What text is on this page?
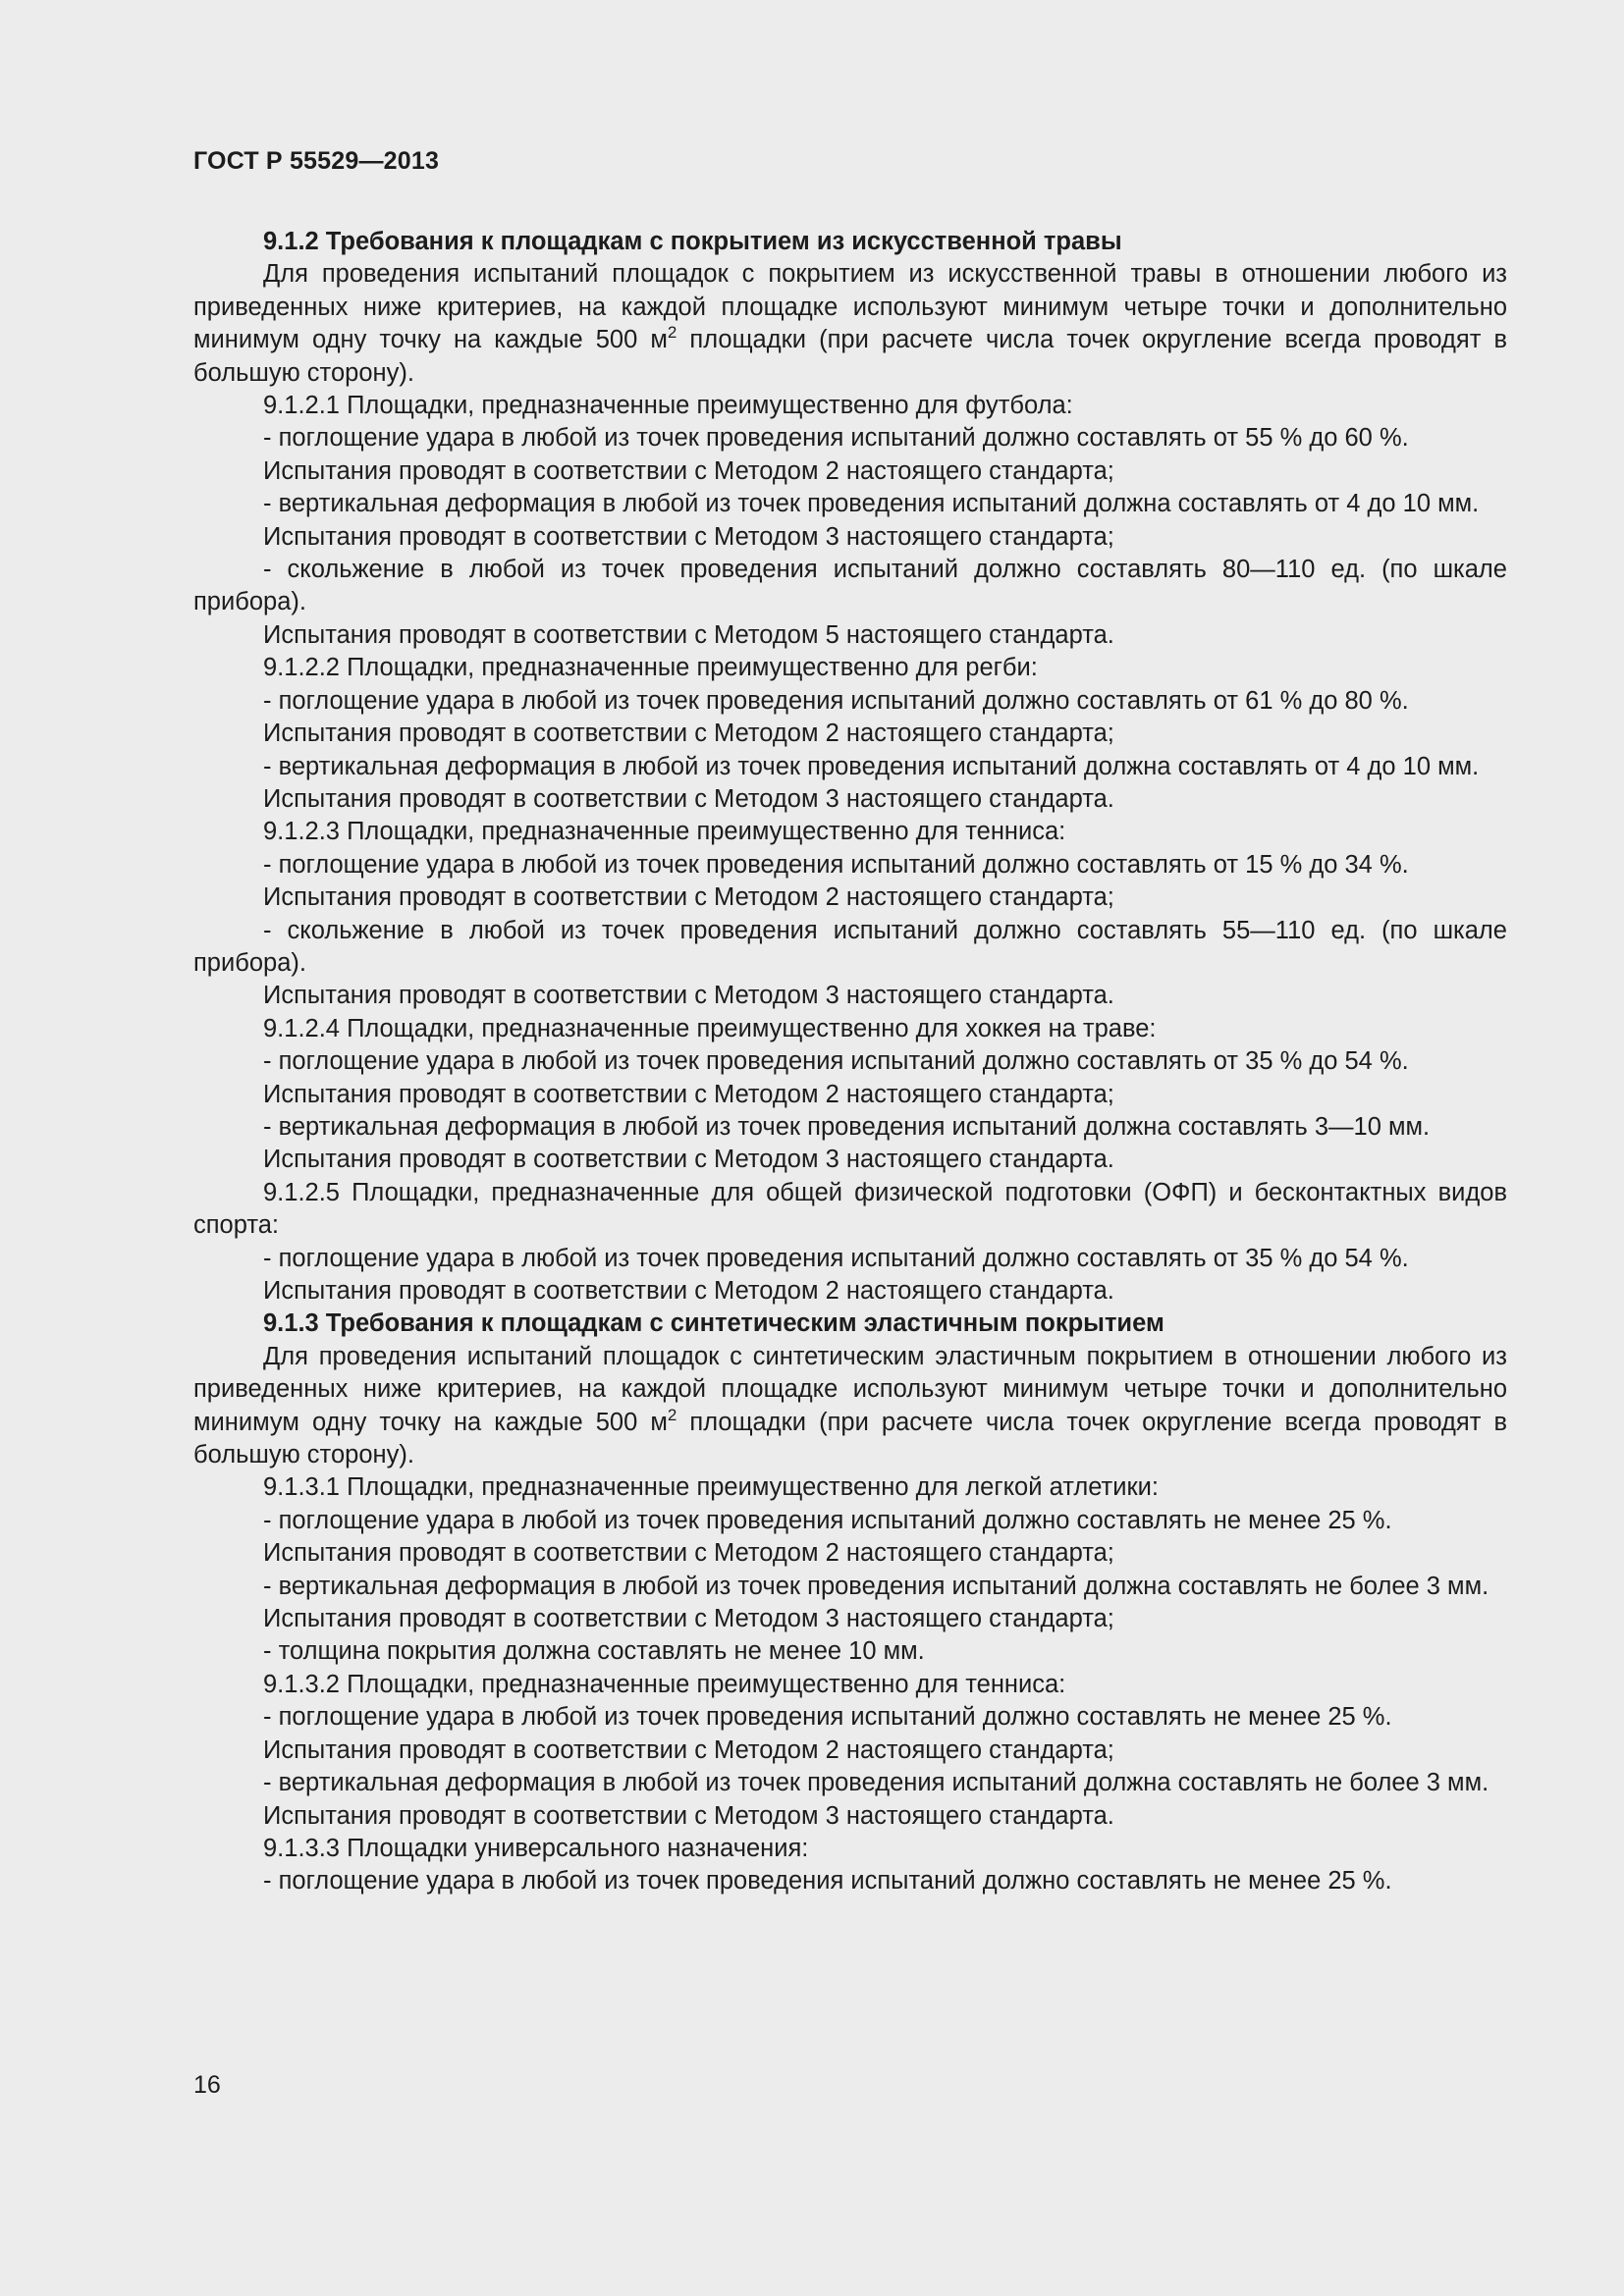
ГОСТ Р 55529—2013

9.1.2 Требования к площадкам с покрытием из искусственной травы

Для проведения испытаний площадок с покрытием из искусственной травы в отношении любого из приведенных ниже критериев, на каждой площадке используют минимум четыре точки и дополнительно минимум одну точку на каждые 500 $м^2$ площадки (при расчете числа точек округление всегда проводят в большую сторону).

9.1.2.1 Площадки, предназначенные преимущественно для футбола:

- поглощение удара в любой из точек проведения испытаний должно составлять от 55 % до 60 %.

Испытания проводят в соответствии с Методом 2 настоящего стандарта;

- вертикальная деформация в любой из точек проведения испытаний должна составлять от 4 до 10 мм.

Испытания проводят в соответствии с Методом 3 настоящего стандарта;

- скольжение в любой из точек проведения испытаний должно составлять 80—110 ед. (по шкале прибора).

Испытания проводят в соответствии с Методом 5 настоящего стандарта.

9.1.2.2 Площадки, предназначенные преимущественно для регби:

- поглощение удара в любой из точек проведения испытаний должно составлять от 61 % до 80 %.

Испытания проводят в соответствии с Методом 2 настоящего стандарта;

- вертикальная деформация в любой из точек проведения испытаний должна составлять от 4 до 10 мм.

Испытания проводят в соответствии с Методом 3 настоящего стандарта.

9.1.2.3 Площадки, предназначенные преимущественно для тенниса:

- поглощение удара в любой из точек проведения испытаний должно составлять от 15 % до 34 %.

Испытания проводят в соответствии с Методом 2 настоящего стандарта;

- скольжение в любой из точек проведения испытаний должно составлять 55—110 ед. (по шкале прибора).

Испытания проводят в соответствии с Методом 3 настоящего стандарта.

9.1.2.4 Площадки, предназначенные преимущественно для хоккея на траве:

- поглощение удара в любой из точек проведения испытаний должно составлять от 35 % до 54 %.

Испытания проводят в соответствии с Методом 2 настоящего стандарта;

- вертикальная деформация в любой из точек проведения испытаний должна составлять 3—10 мм.

Испытания проводят в соответствии с Методом 3 настоящего стандарта.

9.1.2.5 Площадки, предназначенные для общей физической подготовки (ОФП) и бесконтактных видов спорта:

- поглощение удара в любой из точек проведения испытаний должно составлять от 35 % до 54 %.

Испытания проводят в соответствии с Методом 2 настоящего стандарта.

9.1.3 Требования к площадкам с синтетическим эластичным покрытием

Для проведения испытаний площадок с синтетическим эластичным покрытием в отношении любого из приведенных ниже критериев, на каждой площадке используют минимум четыре точки и дополнительно минимум одну точку на каждые 500 $м^2$ площадки (при расчете числа точек округление всегда проводят в большую сторону).

9.1.3.1 Площадки, предназначенные преимущественно для легкой атлетики:

- поглощение удара в любой из точек проведения испытаний должно составлять не менее 25 %.

Испытания проводят в соответствии с Методом 2 настоящего стандарта;

- вертикальная деформация в любой из точек проведения испытаний должна составлять не более 3 мм.

Испытания проводят в соответствии с Методом 3 настоящего стандарта;

- толщина покрытия должна составлять не менее 10 мм.

9.1.3.2 Площадки, предназначенные преимущественно для тенниса:

- поглощение удара в любой из точек проведения испытаний должно составлять не менее 25 %.

Испытания проводят в соответствии с Методом 2 настоящего стандарта;

- вертикальная деформация в любой из точек проведения испытаний должна составлять не более 3 мм.

Испытания проводят в соответствии с Методом 3 настоящего стандарта.

9.1.3.3 Площадки универсального назначения:

- поглощение удара в любой из точек проведения испытаний должно составлять не менее 25 %.

16
